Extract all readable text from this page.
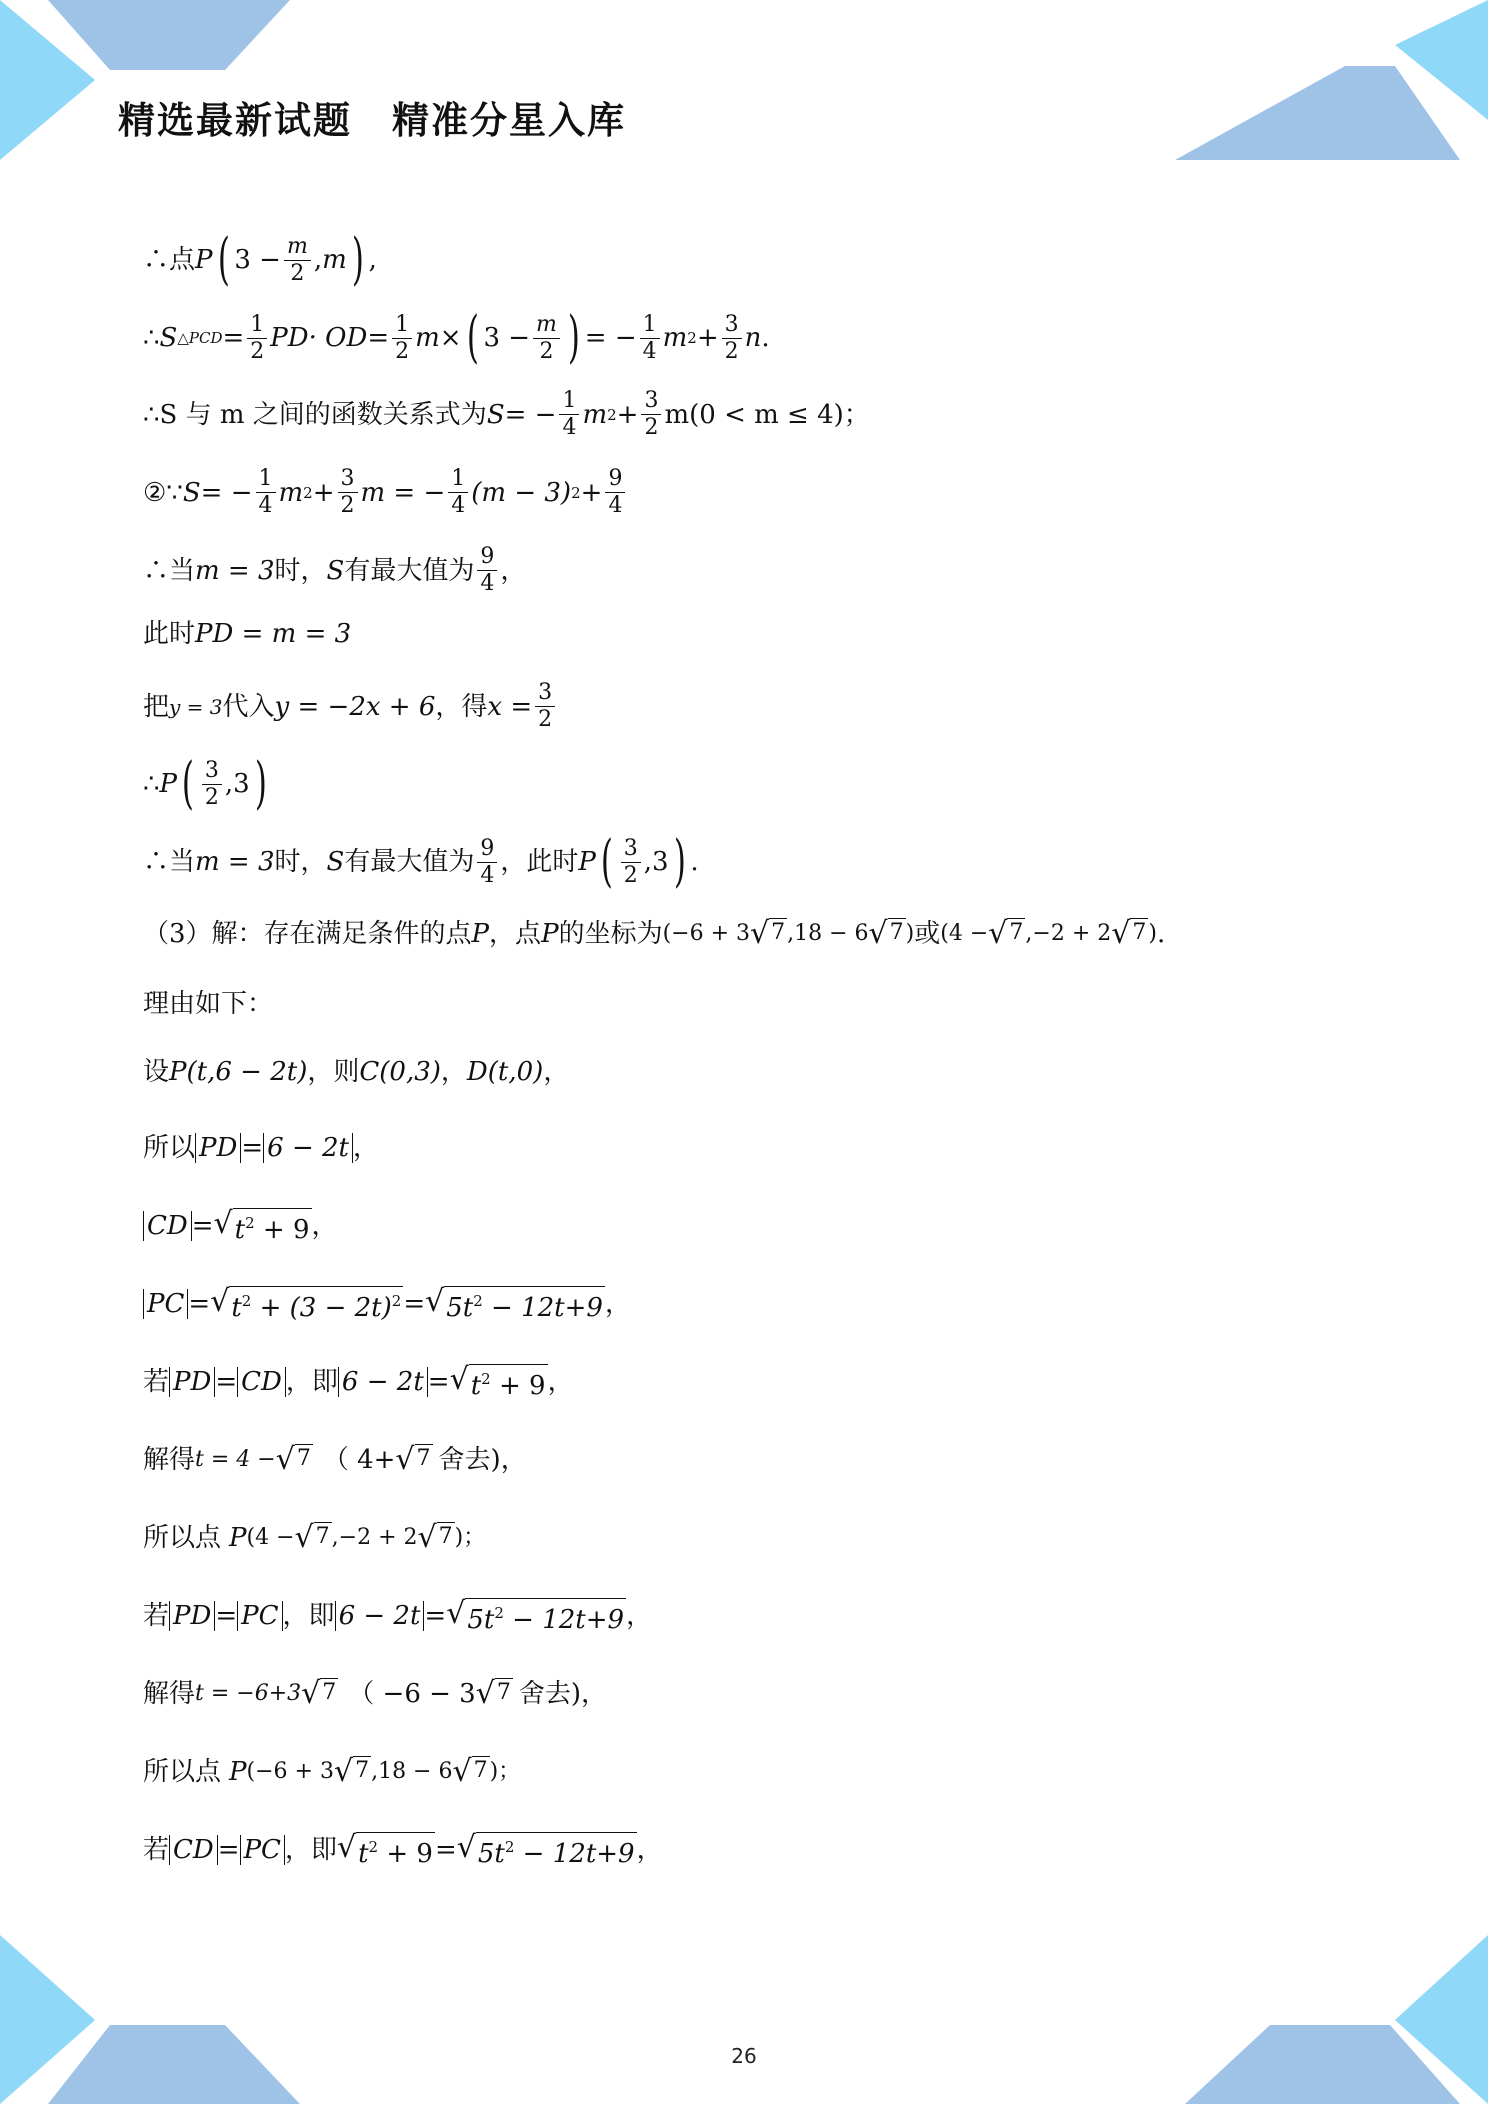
精选最新试题 精准分星入库
∴点 P ( $3 - \frac{m}{2}$ , m ) ,
∴ S △PCD = $\frac{1}{2} PD\cdot$ OD = $\frac{1}{2}$ m × ( $3 - \frac{m}{2}$ ) = − $\frac{1}{4}$ m $2 + \frac{3}{2}$ n .
∴S 与 m 之间的函数关系式为 S = − $\frac{1}{4}$ m $2 + \frac{3}{2} m(0 < m \le 4)$；
②∵ S = − $\frac{1}{4}$ m $2 + \frac{3}{2}$ m = − $\frac{1}{4} (m - 3) 2 + \frac{9}{4}$
∴当 m = 3 时， S 有最大值为 $\frac{9}{4}$ ，
此时 PD = m = 3
把 y = 3 代入 y = −2x + 6 ，得 $x = \frac{3}{2}$
∴ P ( $\frac{3}{2} ,3$ )
∴当 m = 3 时， S 有最大值为 $\frac{9}{4}$ ，此时 P ( $\frac{3}{2} ,3$ ) .
（3）解：存在满足条件的点 P ，点 P 的坐标为 (−6 + 3 √ 7 ,18 − 6 √ 7 ) 或 (4 − √ 7 ,−2 + 2 √ 7 ) .
理由如下：
设 P(t,6 − 2t) ，则 C(0,3) ， D(t,0) ，
所以 PD = 6 − 2t ，
CD = √ $t^2 + 9$ ，
PC = √ $t^2 + (3 - 2t)^2$ = √ $5t^2 - 12t+9$ ，
若 PD = CD ，即 6 − 2t = √ $t^2 + 9$ ，
解得 t = 4 − √ 7 （ 4+ √ 7 舍去)，
所以点 P (4 − √ 7 ,−2 + 2 √ 7 )；
若 PD = PC ，即 6 − 2t = √ $5t^2 - 12t+9$ ，
解得 t = −6+3 √ 7 （ −6 − 3 √ 7 舍去)，
所以点 P (−6 + 3 √ 7 ,18 − 6 √ 7 )；
若 CD = PC ，即 √ $t^2 + 9$ = √ $5t^2 - 12t+9$ ，
26
